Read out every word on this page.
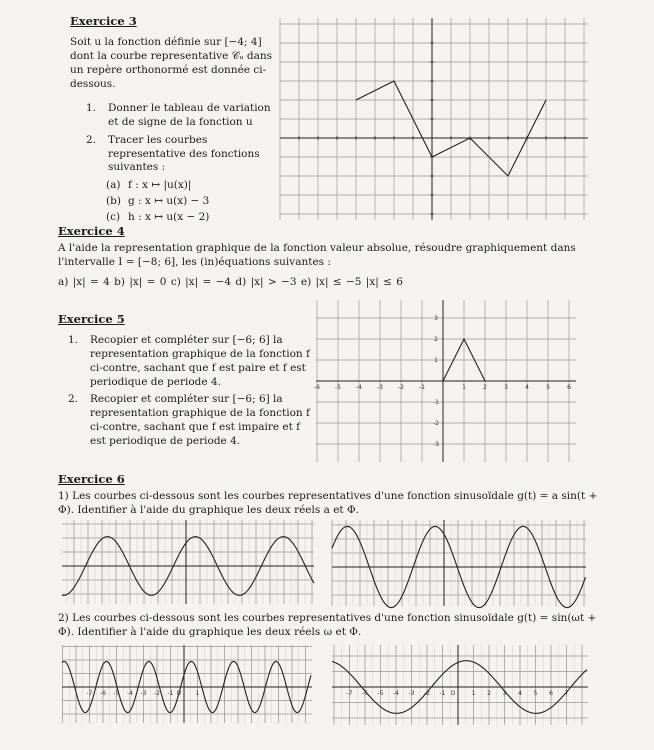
Exercice 3

Soit u la fonction définie sur [−4; 4] dont la courbe representative 𝒞ᵤ dans un repère orthonormé est donnée ci-dessous.

1. Donner le tableau de variation et de signe de la fonction u
2. Tracer les courbes representative des fonctions suivantes :
(a) f : x ↦ |u(x)|
(b) g : x ↦ u(x) − 3
(c) h : x ↦ u(x − 2)
Exercice 4

A l'aide la representation graphique de la fonction valeur absolue, résoudre graphiquement dans l'intervalle I = [−8; 6], les (in)équations suivantes :

a) |x| = 4 b) |x| = 0 c) |x| = −4 d) |x| > −3 e) |x| ≤ −5 |x| ≤ 6

Exercice 5
1. Recopier et compléter sur [−6; 6] la representation graphique de la fonction f ci-contre, sachant que f est paire et f est periodique de periode 4.
2. Recopier et compléter sur [−6; 6] la representation graphique de la fonction f ci-contre, sachant que f est impaire et f est periodique de periode 4.
-6	-5	-4	-3	-2	-1	1	2	3	4	5	6
3
2
1
-1
-2
-3
Exercice 6

1) Les courbes ci-dessous sont les courbes representatives d'une fonction sinusoïdale g(t) = a sin(t + Φ). Identifier à l'aide du graphique les deux réels a et Φ.

2) Les courbes ci-dessous sont les courbes representatives d'une fonction sinusoïdale g(t) = sin(ωt + Φ). Identifier à l'aide du graphique les deux réels ω et Φ.

-7 -6 -5 -4 -3 -2 -1	1
O	-7 -6 -5 -4 -3 -2 -1	1 2 3 4 5 6 7
O
